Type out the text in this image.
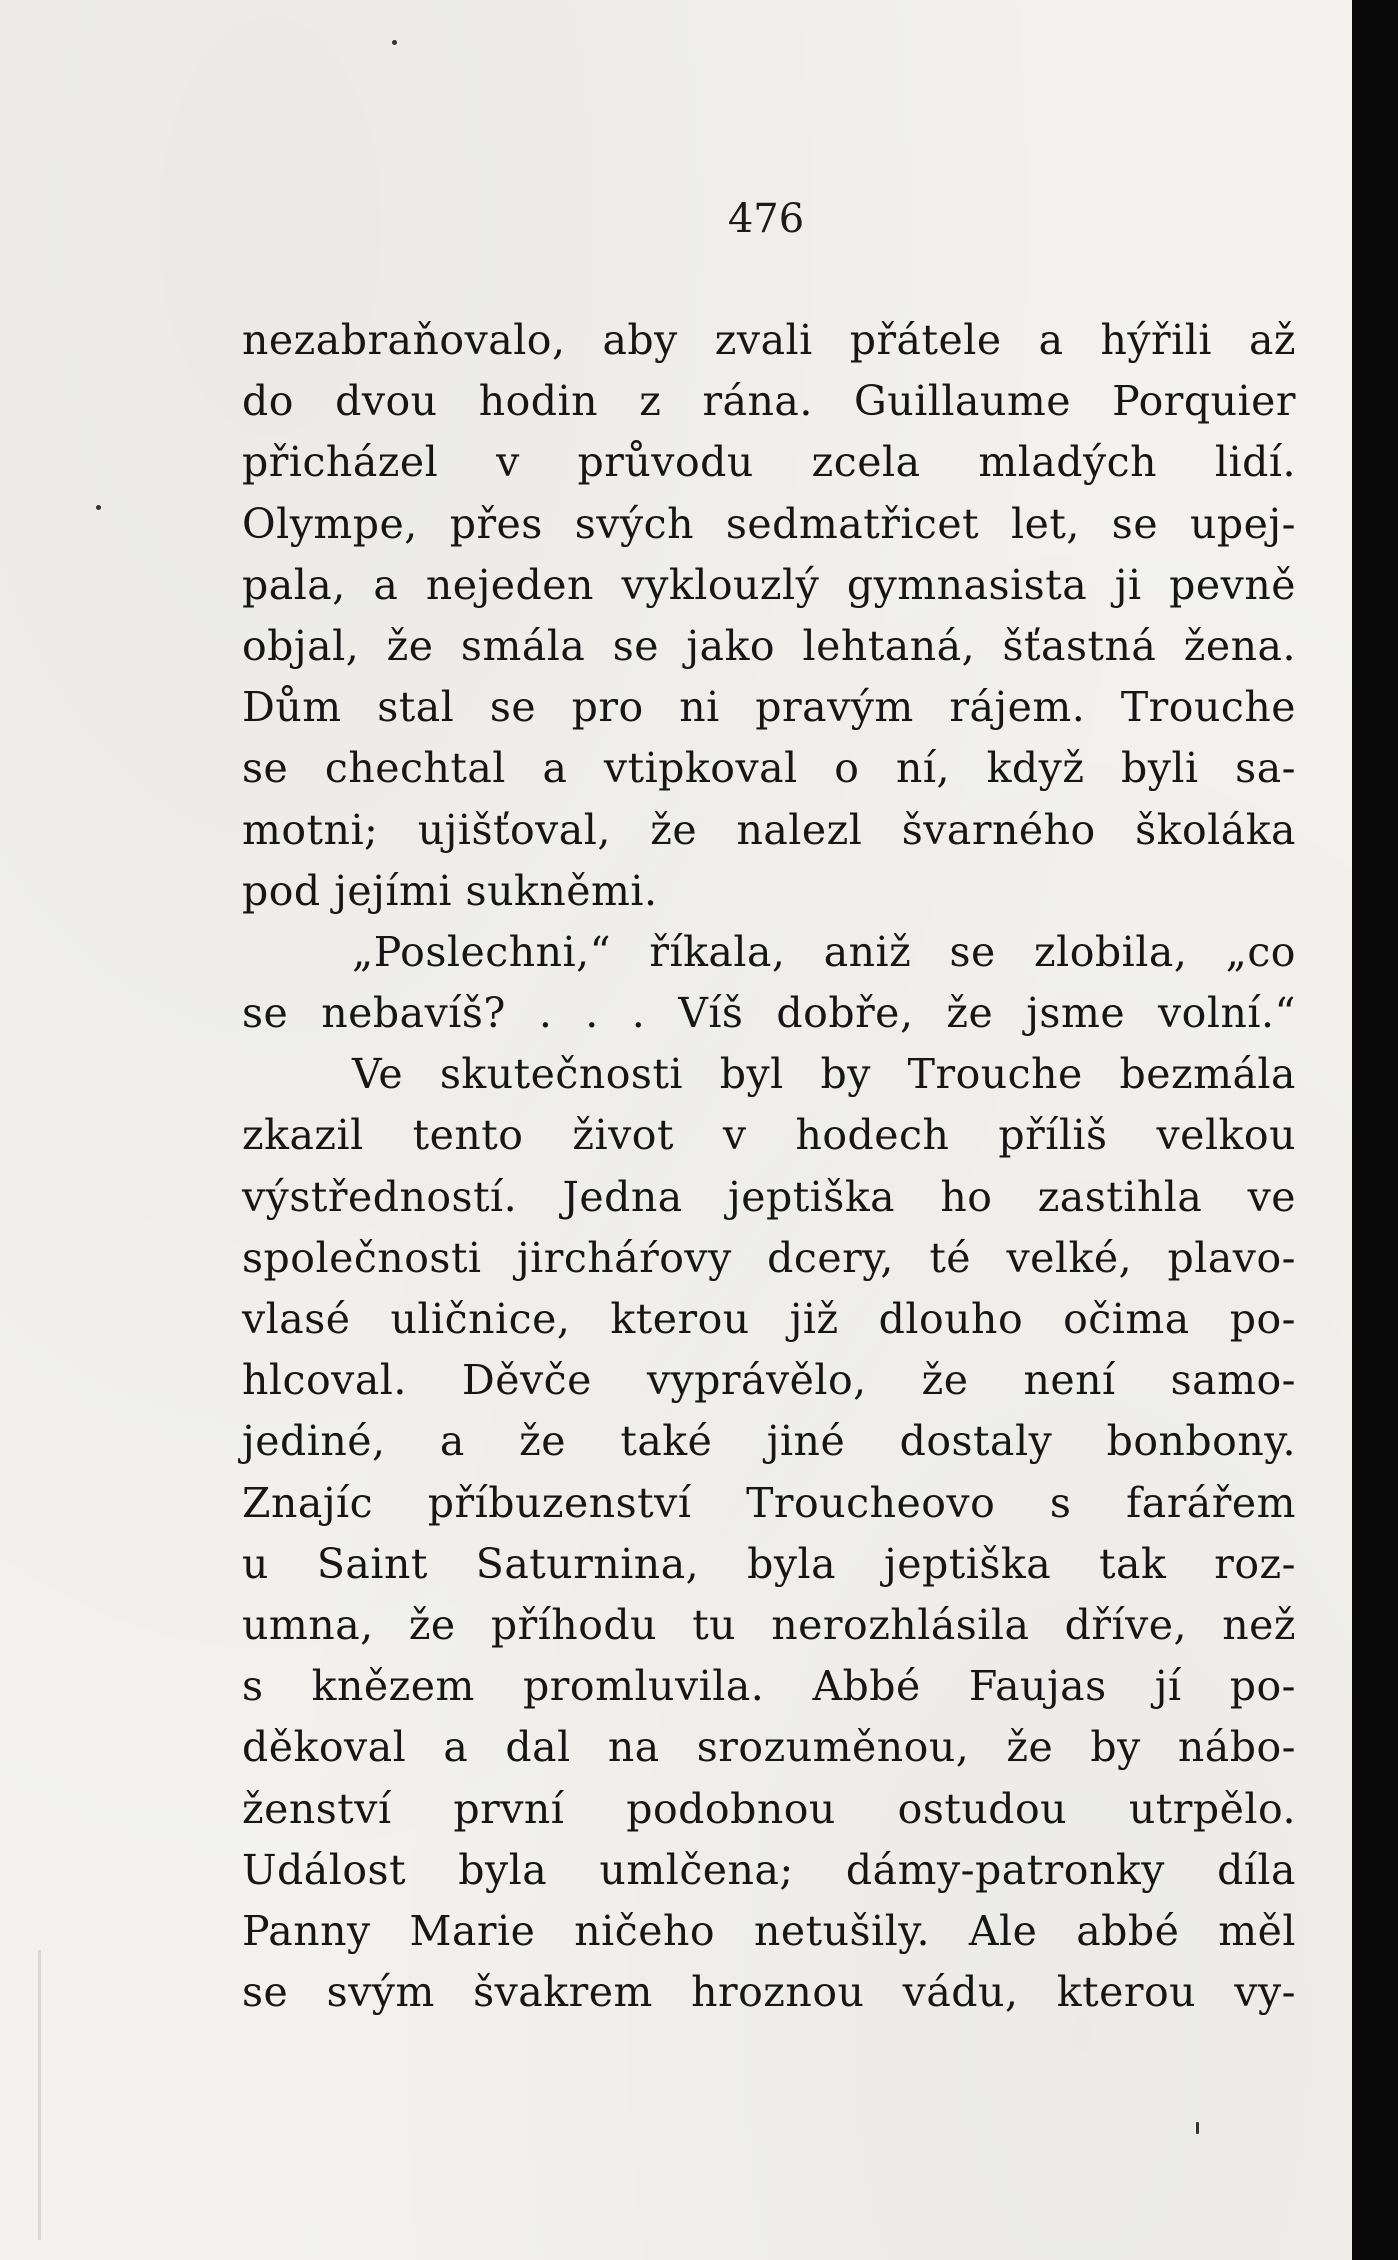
476
nezabraňovalo, aby zvali přátele a hýřili až
do dvou hodin z rána. Guillaume Porquier
přicházel v průvodu zcela mladých lidí.
Olympe, přes svých sedmatřicet let, se upej-
pala, a nejeden vyklouzlý gymnasista ji pevně
objal, že smála se jako lehtaná, šťastná žena.
Dům stal se pro ni pravým rájem. Trouche
se chechtal a vtipkoval o ní, když byli sa-
motni; ujišťoval, že nalezl švarného školáka
pod jejími sukněmi.
„Poslechni,“ říkala, aniž se zlobila, „co
se nebavíš? . . . Víš dobře, že jsme volní.“
Ve skutečnosti byl by Trouche bezmála
zkazil tento život v hodech příliš velkou
výstředností. Jedna jeptiška ho zastihla ve
společnosti jircháŕovy dcery, té velké, plavo-
vlasé uličnice, kterou již dlouho očima po-
hlcoval. Děvče vyprávělo, že není samo-
jediné, a že také jiné dostaly bonbony.
Znajíc příbuzenství Troucheovo s farářem
u Saint Saturnina, byla jeptiška tak roz-
umna, že příhodu tu nerozhlásila dříve, než
s knězem promluvila. Abbé Faujas jí po-
děkoval a dal na srozuměnou, že by nábo-
ženství první podobnou ostudou utrpělo.
Událost byla umlčena; dámy-patronky díla
Panny Marie ničeho netušily. Ale abbé měl
se svým švakrem hroznou vádu, kterou vy-
